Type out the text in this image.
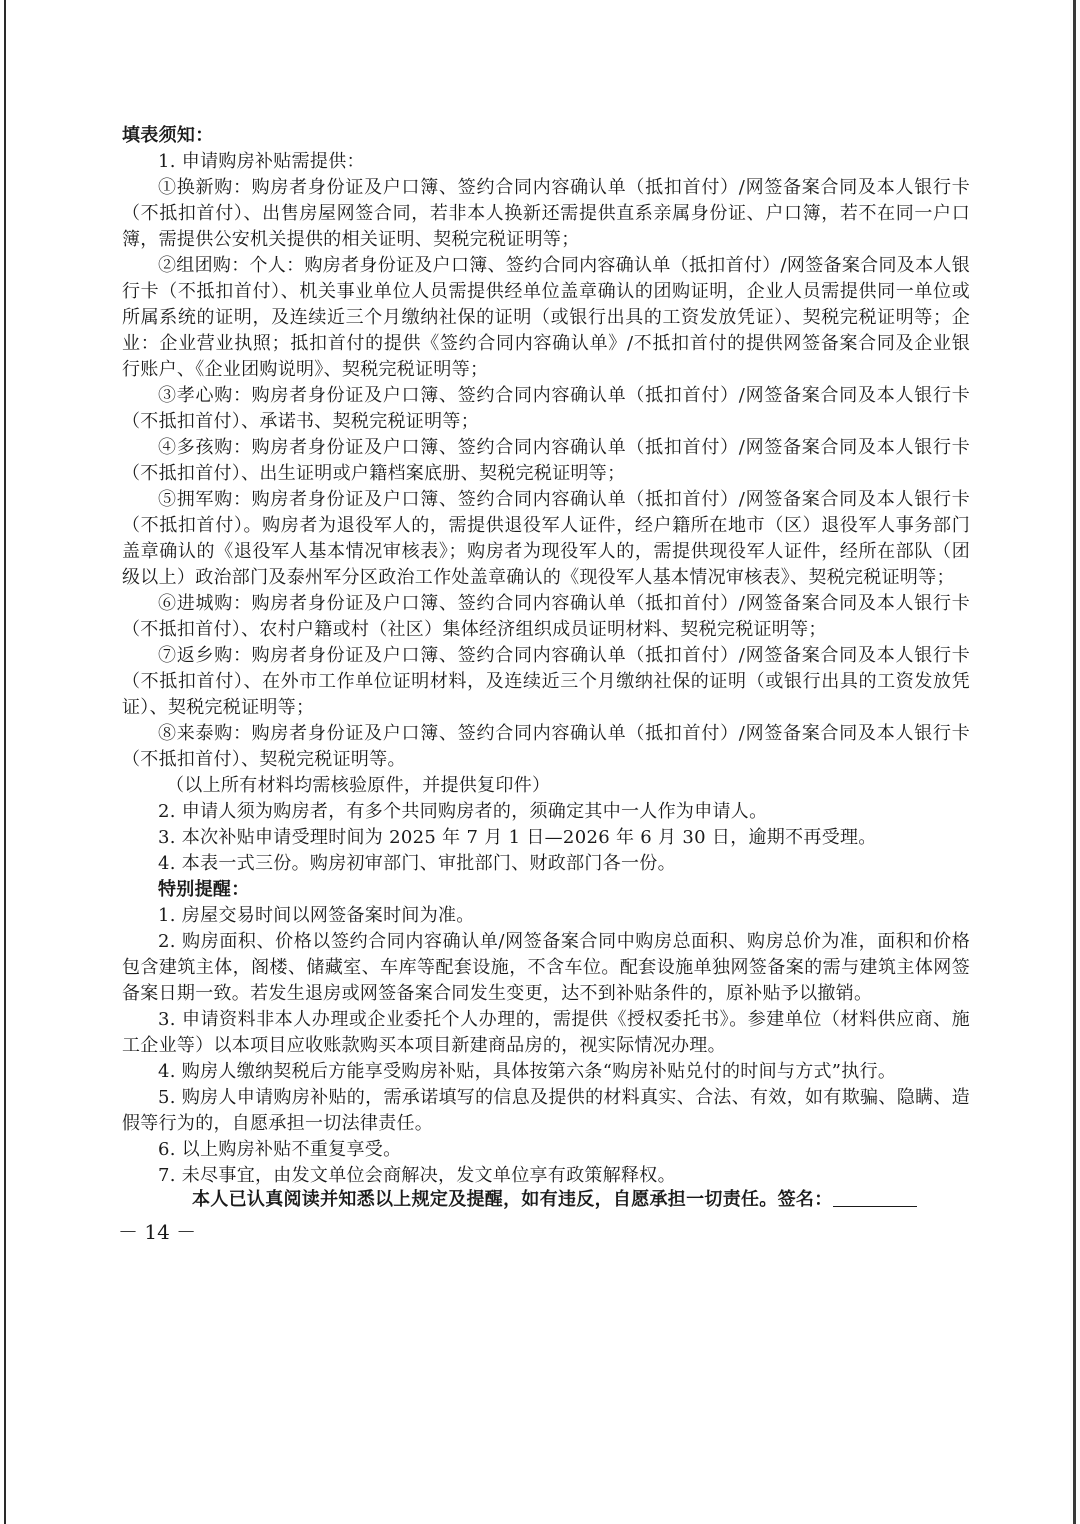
填表须知：

1. 申请购房补贴需提供：

①换新购：购房者身份证及户口簿、签约合同内容确认单（抵扣首付）/网签备案合同及本人银行卡（不抵扣首付）、出售房屋网签合同，若非本人换新还需提供直系亲属身份证、户口簿，若不在同一户口簿，需提供公安机关提供的相关证明、契税完税证明等；

②组团购：个人：购房者身份证及户口簿、签约合同内容确认单（抵扣首付）/网签备案合同及本人银行卡（不抵扣首付）、机关事业单位人员需提供经单位盖章确认的团购证明，企业人员需提供同一单位或所属系统的证明，及连续近三个月缴纳社保的证明（或银行出具的工资发放凭证）、契税完税证明等；企业：企业营业执照；抵扣首付的提供《签约合同内容确认单》/不抵扣首付的提供网签备案合同及企业银行账户、《企业团购说明》、契税完税证明等；

③孝心购：购房者身份证及户口簿、签约合同内容确认单（抵扣首付）/网签备案合同及本人银行卡（不抵扣首付）、承诺书、契税完税证明等；

④多孩购：购房者身份证及户口簿、签约合同内容确认单（抵扣首付）/网签备案合同及本人银行卡（不抵扣首付）、出生证明或户籍档案底册、契税完税证明等；

⑤拥军购：购房者身份证及户口簿、签约合同内容确认单（抵扣首付）/网签备案合同及本人银行卡（不抵扣首付）。购房者为退役军人的，需提供退役军人证件，经户籍所在地市（区）退役军人事务部门盖章确认的《退役军人基本情况审核表》；购房者为现役军人的，需提供现役军人证件，经所在部队（团级以上）政治部门及泰州军分区政治工作处盖章确认的《现役军人基本情况审核表》、契税完税证明等；

⑥进城购：购房者身份证及户口簿、签约合同内容确认单（抵扣首付）/网签备案合同及本人银行卡（不抵扣首付）、农村户籍或村（社区）集体经济组织成员证明材料、契税完税证明等；

⑦返乡购：购房者身份证及户口簿、签约合同内容确认单（抵扣首付）/网签备案合同及本人银行卡（不抵扣首付）、在外市工作单位证明材料，及连续近三个月缴纳社保的证明（或银行出具的工资发放凭证）、契税完税证明等；

⑧来泰购：购房者身份证及户口簿、签约合同内容确认单（抵扣首付）/网签备案合同及本人银行卡（不抵扣首付）、契税完税证明等。

（以上所有材料均需核验原件，并提供复印件）

2. 申请人须为购房者，有多个共同购房者的，须确定其中一人作为申请人。

3. 本次补贴申请受理时间为 2025 年 7 月 1 日—2026 年 6 月 30 日，逾期不再受理。

4. 本表一式三份。购房初审部门、审批部门、财政部门各一份。

特别提醒：

1. 房屋交易时间以网签备案时间为准。

2. 购房面积、价格以签约合同内容确认单/网签备案合同中购房总面积、购房总价为准，面积和价格包含建筑主体，阁楼、储藏室、车库等配套设施，不含车位。配套设施单独网签备案的需与建筑主体网签备案日期一致。若发生退房或网签备案合同发生变更，达不到补贴条件的，原补贴予以撤销。

3. 申请资料非本人办理或企业委托个人办理的，需提供《授权委托书》。参建单位（材料供应商、施工企业等）以本项目应收账款购买本项目新建商品房的，视实际情况办理。

4. 购房人缴纳契税后方能享受购房补贴，具体按第六条“购房补贴兑付的时间与方式”执行。

5. 购房人申请购房补贴的，需承诺填写的信息及提供的材料真实、合法、有效，如有欺骗、隐瞒、造假等行为的，自愿承担一切法律责任。

6. 以上购房补贴不重复享受。

7. 未尽事宜，由发文单位会商解决，发文单位享有政策解释权。

本人已认真阅读并知悉以上规定及提醒，如有违反，自愿承担一切责任。签名：
－ 14 －
